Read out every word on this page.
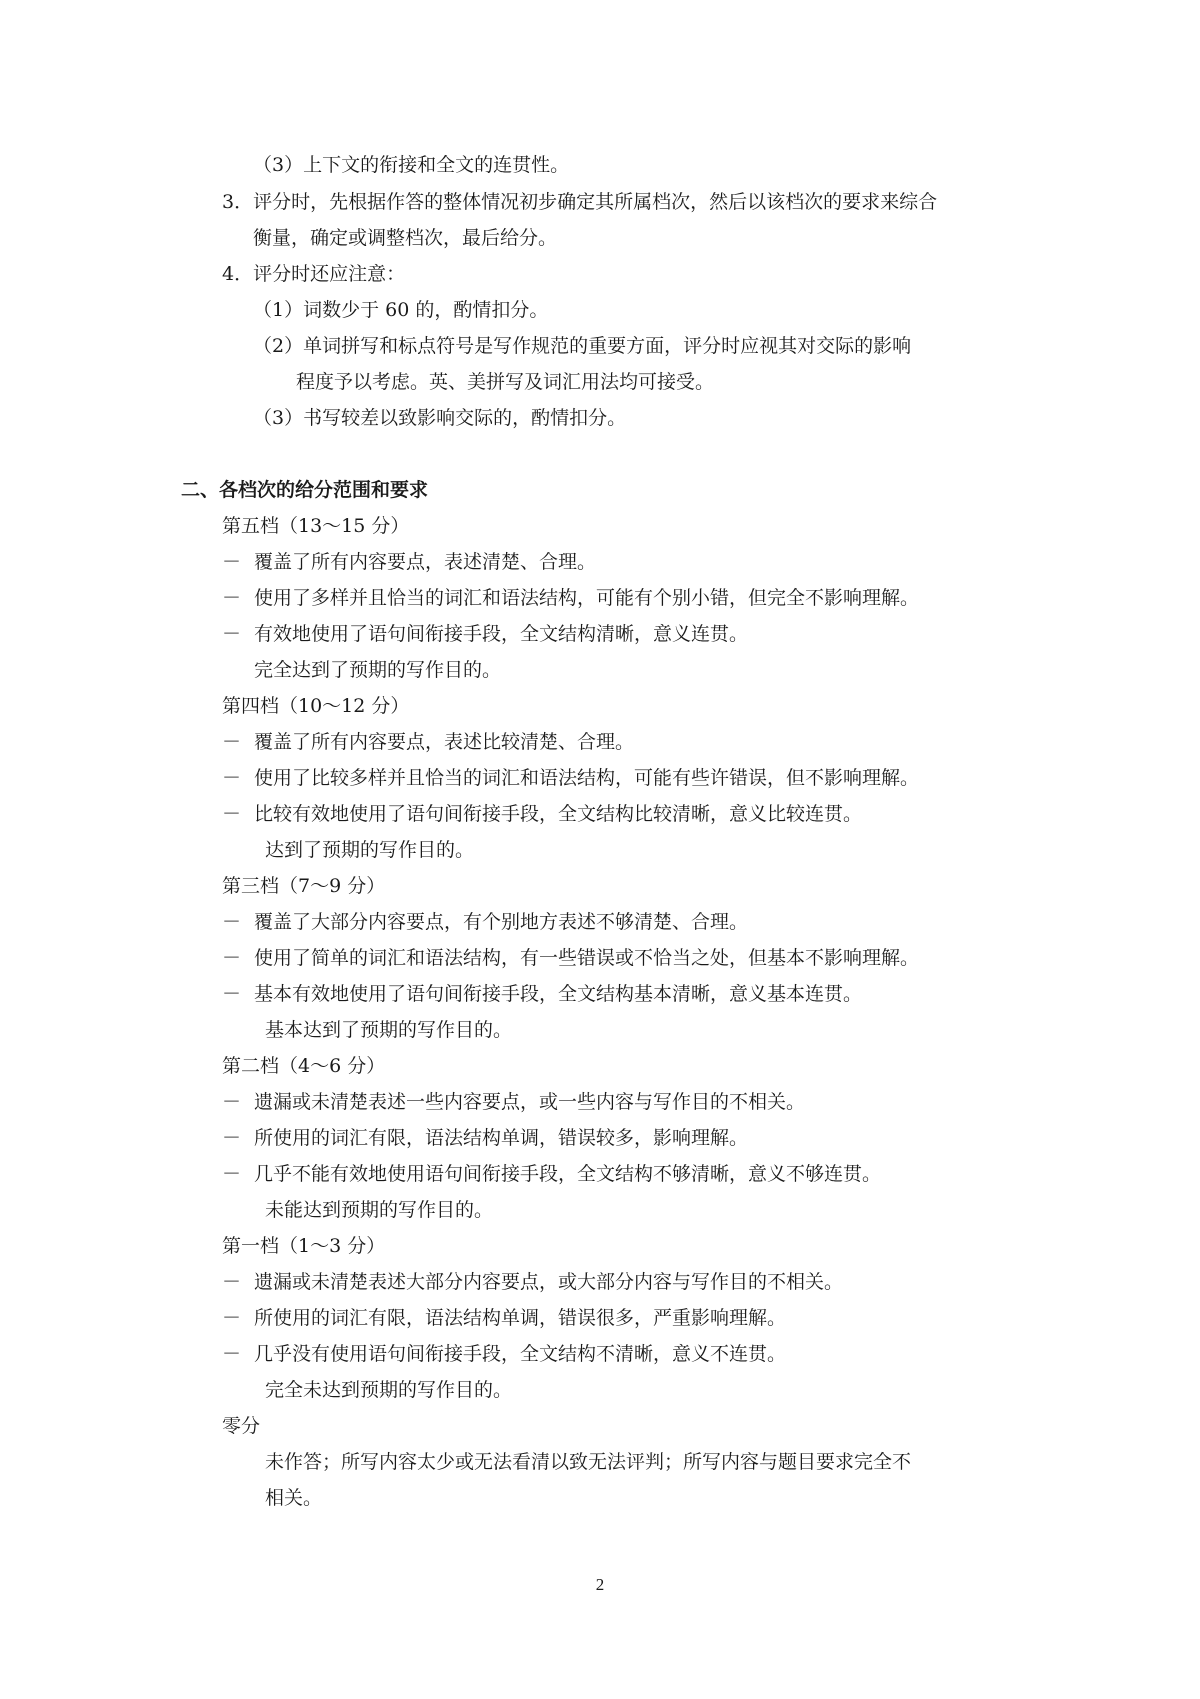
（3）上下文的衔接和全文的连贯性。
3．评分时，先根据作答的整体情况初步确定其所属档次，然后以该档次的要求来综合
衡量，确定或调整档次，最后给分。
4．评分时还应注意：
（1）词数少于 60 的，酌情扣分。
（2）单词拼写和标点符号是写作规范的重要方面，评分时应视其对交际的影响
程度予以考虑。英、美拼写及词汇用法均可接受。
（3）书写较差以致影响交际的，酌情扣分。
二、各档次的给分范围和要求
第五档（13～15 分）
－ 覆盖了所有内容要点，表述清楚、合理。
－ 使用了多样并且恰当的词汇和语法结构，可能有个别小错，但完全不影响理解。
－ 有效地使用了语句间衔接手段，全文结构清晰，意义连贯。
完全达到了预期的写作目的。
第四档（10～12 分）
－ 覆盖了所有内容要点，表述比较清楚、合理。
－ 使用了比较多样并且恰当的词汇和语法结构，可能有些许错误，但不影响理解。
－ 比较有效地使用了语句间衔接手段，全文结构比较清晰，意义比较连贯。
达到了预期的写作目的。
第三档（7～9 分）
－ 覆盖了大部分内容要点，有个别地方表述不够清楚、合理。
－ 使用了简单的词汇和语法结构，有一些错误或不恰当之处，但基本不影响理解。
－ 基本有效地使用了语句间衔接手段，全文结构基本清晰，意义基本连贯。
基本达到了预期的写作目的。
第二档（4～6 分）
－ 遗漏或未清楚表述一些内容要点，或一些内容与写作目的不相关。
－ 所使用的词汇有限，语法结构单调，错误较多，影响理解。
－ 几乎不能有效地使用语句间衔接手段，全文结构不够清晰，意义不够连贯。
未能达到预期的写作目的。
第一档（1～3 分）
－ 遗漏或未清楚表述大部分内容要点，或大部分内容与写作目的不相关。
－ 所使用的词汇有限，语法结构单调，错误很多，严重影响理解。
－ 几乎没有使用语句间衔接手段，全文结构不清晰，意义不连贯。
完全未达到预期的写作目的。
零分
未作答；所写内容太少或无法看清以致无法评判；所写内容与题目要求完全不
相关。
2
